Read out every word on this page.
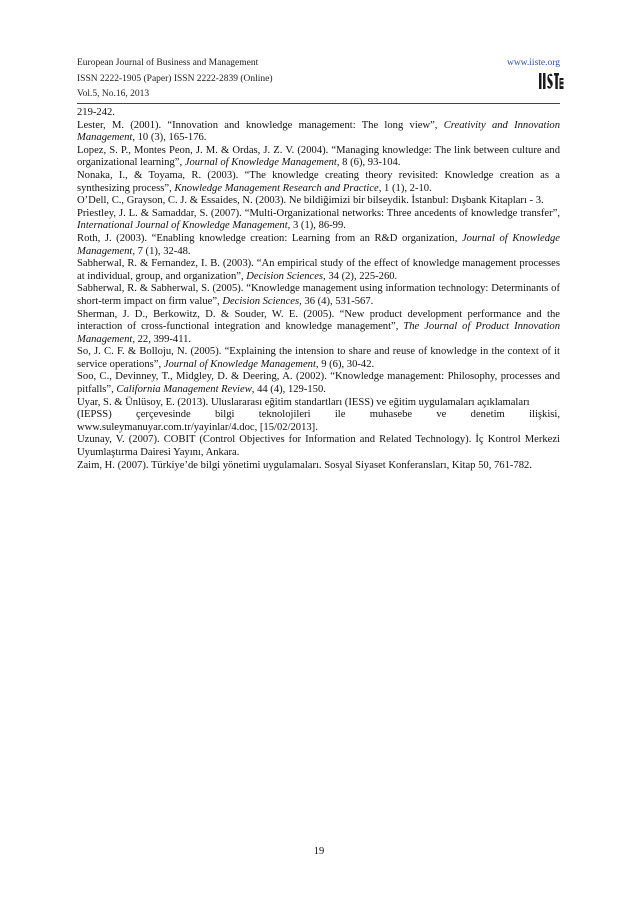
European Journal of Business and Management
ISSN 2222-1905 (Paper) ISSN 2222-2839 (Online)
Vol.5, No.16, 2013
www.iiste.org

219-242.

Lester, M. (2001). “Innovation and knowledge management: The long view”, Creativity and Innovation Management, 10 (3), 165-176.

Lopez, S. P., Montes Peon, J. M. & Ordas, J. Z. V. (2004). “Managing knowledge: The link between culture and organizational learning”, Journal of Knowledge Management, 8 (6), 93-104.

Nonaka, I., & Toyama, R. (2003). “The knowledge creating theory revisited: Knowledge creation as a synthesizing process”, Knowledge Management Research and Practice, 1 (1), 2-10.

O’Dell, C., Grayson, C. J. & Essaides, N. (2003). Ne bildiğimizi bir bilseydik. İstanbul: Dışbank Kitapları - 3.

Priestley, J. L. & Samaddar, S. (2007). “Multi-Organizational networks: Three ancedents of knowledge transfer”, International Journal of Knowledge Management, 3 (1), 86-99.

Roth, J. (2003). “Enabling knowledge creation: Learning from an R&D organization, Journal of Knowledge Management, 7 (1), 32-48.

Sabherwal, R. & Fernandez, I. B. (2003). “An empirical study of the effect of knowledge management processes at individual, group, and organization”, Decision Sciences, 34 (2), 225-260.

Sabherwal, R. & Sabherwal, S. (2005). “Knowledge management using information technology: Determinants of short-term impact on firm value”, Decision Sciences, 36 (4), 531-567.

Sherman, J. D., Berkowitz, D. & Souder, W. E. (2005). “New product development performance and the interaction of cross-functional integration and knowledge management”, The Journal of Product Innovation Management, 22, 399-411.

So, J. C. F. & Bolloju, N. (2005). “Explaining the intension to share and reuse of knowledge in the context of it service operations”, Journal of Knowledge Management, 9 (6), 30-42.

Soo, C., Devinney, T., Midgley, D. & Deering, A. (2002). “Knowledge management: Philosophy, processes and pitfalls”, California Management Review, 44 (4), 129-150.

Uyar, S. & Ünlüsoy, E. (2013). Uluslararası eğitim standartları (IESS) ve eğitim uygulamaları açıklamaları
(IEPSS) çerçevesinde bilgi teknolojileri ile muhasebe ve denetim ilişkisi,
www.suleymanuyar.com.tr/yayinlar/4.doc, [15/02/2013].

Uzunay, V. (2007). COBIT (Control Objectives for Information and Related Technology). İç Kontrol Merkezi Uyumlaştırma Dairesi Yayını, Ankara.

Zaim, H. (2007). Türkiye’de bilgi yönetimi uygulamaları. Sosyal Siyaset Konferansları, Kitap 50, 761-782.

19
